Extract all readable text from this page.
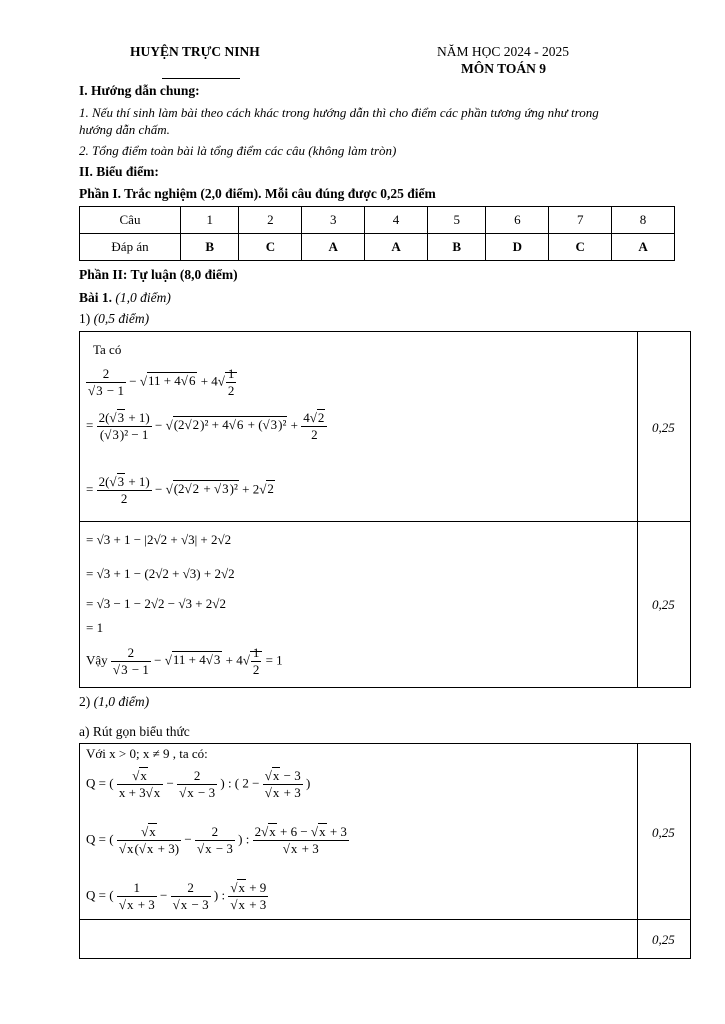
HUYỆN TRỰC NINH	NĂM HỌC 2024 - 2025
MÔN TOÁN 9
I. Hướng dẫn chung:
1. Nếu thí sinh làm bài theo cách khác trong hướng dẫn thì cho điểm các phần tương ứng như trong
hướng dẫn chấm.
2. Tổng điểm toàn bài là tổng điểm các câu (không làm tròn)
II. Biểu điểm:
Phần I. Trắc nghiệm (2,0 điểm). Mỗi câu đúng được 0,25 điểm
Câu	1	2	3	4	5	6	7	8
Đáp án	B	C	A	A	B	D	C	A
Phần II: Tự luận (8,0 điểm)
Bài 1. (1,0 điểm)
1) (0,5 điểm)
Ta có
$\frac{2}{√3 - 1} - √11 + 4√6 + 4√ \frac{1}{2}$
= $\frac{2(√3 + 1)}{\text{(√3)² − 1}} - √(2√2)^2 + 4√6 + (√3)^2 + \frac{4√2}{2}$
= $\frac{2(√3 + 1)}{2} - √(2√2 + √3)^2 + 2√2$
0,25
= √3 + 1 − |2√2 + √3| + 2√2
= √3 + 1 − (2√2 + √3) + 2√2
= √3 − 1 − 2√2 − √3 + 2√2
= 1
Vậy $\frac{2}{√3 - 1} - √11 + 4√3 + 4√ \frac{1}{2} = 1$
0,25
2) (1,0 điểm)
a) Rút gọn biểu thức
Với x > 0; x ≠ 9 , ta có:
Q = ( $\frac{√x}{x + 3√x} - \frac{2}{√x - 3}$ ) : ( $2 - \frac{√x - 3}{√x + 3}$ )
Q = ( $\frac{√x}{√x(√x + 3)} - \frac{2}{√x - 3}$ ) : $\frac{2√x + 6 - √x + 3}{√x + 3}$
Q = ( $\frac{1}{√x + 3} - \frac{2}{√x - 3}$ ) : $\frac{√x + 9}{√x + 3}$
0,25
0,25
